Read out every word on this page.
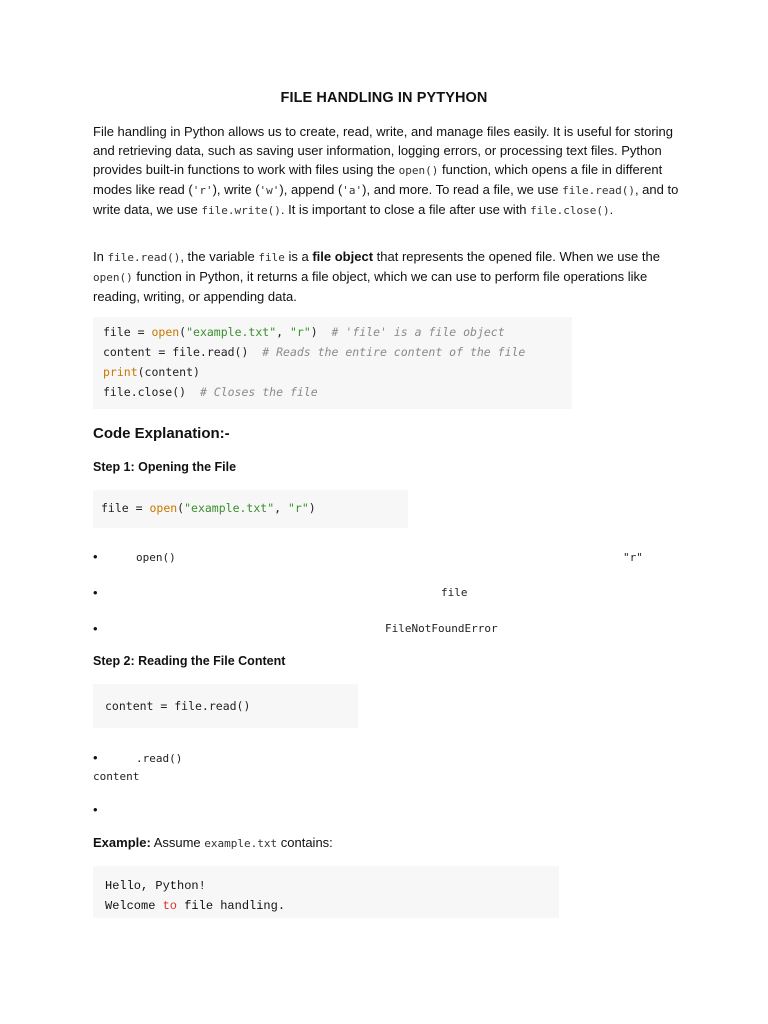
FILE HANDLING IN PYTYHON
File handling in Python allows us to create, read, write, and manage files easily. It is useful for storing and retrieving data, such as saving user information, logging errors, or processing text files. Python provides built-in functions to work with files using the open() function, which opens a file in different modes like read ('r'), write ('w'), append ('a'), and more. To read a file, we use file.read(), and to write data, we use file.write(). It is important to close a file after use with file.close().
In file.read(), the variable file is a file object that represents the opened file. When we use the open() function in Python, it returns a file object, which we can use to perform file operations like reading, writing, or appending data.
file = open("example.txt", "r")  # 'file' is a file object
content = file.read()  # Reads the entire content of the file
print(content)
file.close()  # Closes the file
Code Explanation:-
Step 1: Opening the File
file = open("example.txt", "r")
•	open()	"r"
•	file
•	FileNotFoundError
Step 2: Reading the File Content
content = file.read()
•	.read()
content
•
Example: Assume example.txt contains:
Hello, Python!
Welcome to file handling.
